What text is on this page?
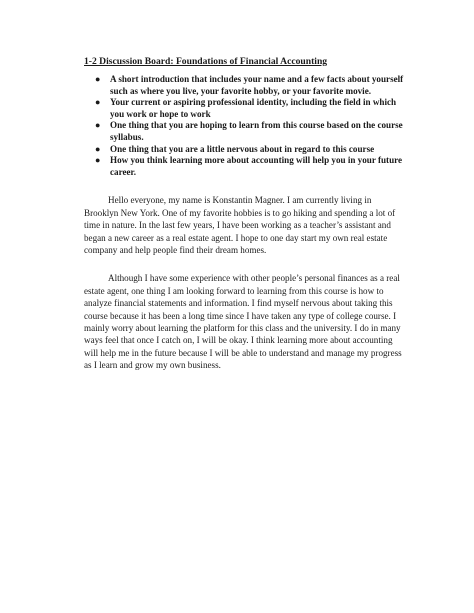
1-2 Discussion Board: Foundations of Financial Accounting
● A short introduction that includes your name and a few facts about yourself such as where you live, your favorite hobby, or your favorite movie.
● Your current or aspiring professional identity, including the field in which you work or hope to work
● One thing that you are hoping to learn from this course based on the course syllabus.
● One thing that you are a little nervous about in regard to this course
● How you think learning more about accounting will help you in your future career.

Hello everyone, my name is Konstantin Magner. I am currently living in Brooklyn New York. One of my favorite hobbies is to go hiking and spending a lot of time in nature. In the last few years, I have been working as a teacher’s assistant and began a new career as a real estate agent. I hope to one day start my own real estate company and help people find their dream homes.

Although I have some experience with other people’s personal finances as a real estate agent, one thing I am looking forward to learning from this course is how to analyze financial statements and information. I find myself nervous about taking this course because it has been a long time since I have taken any type of college course. I mainly worry about learning the platform for this class and the university. I do in many ways feel that once I catch on, I will be okay. I think learning more about accounting will help me in the future because I will be able to understand and manage my progress as I learn and grow my own business.
